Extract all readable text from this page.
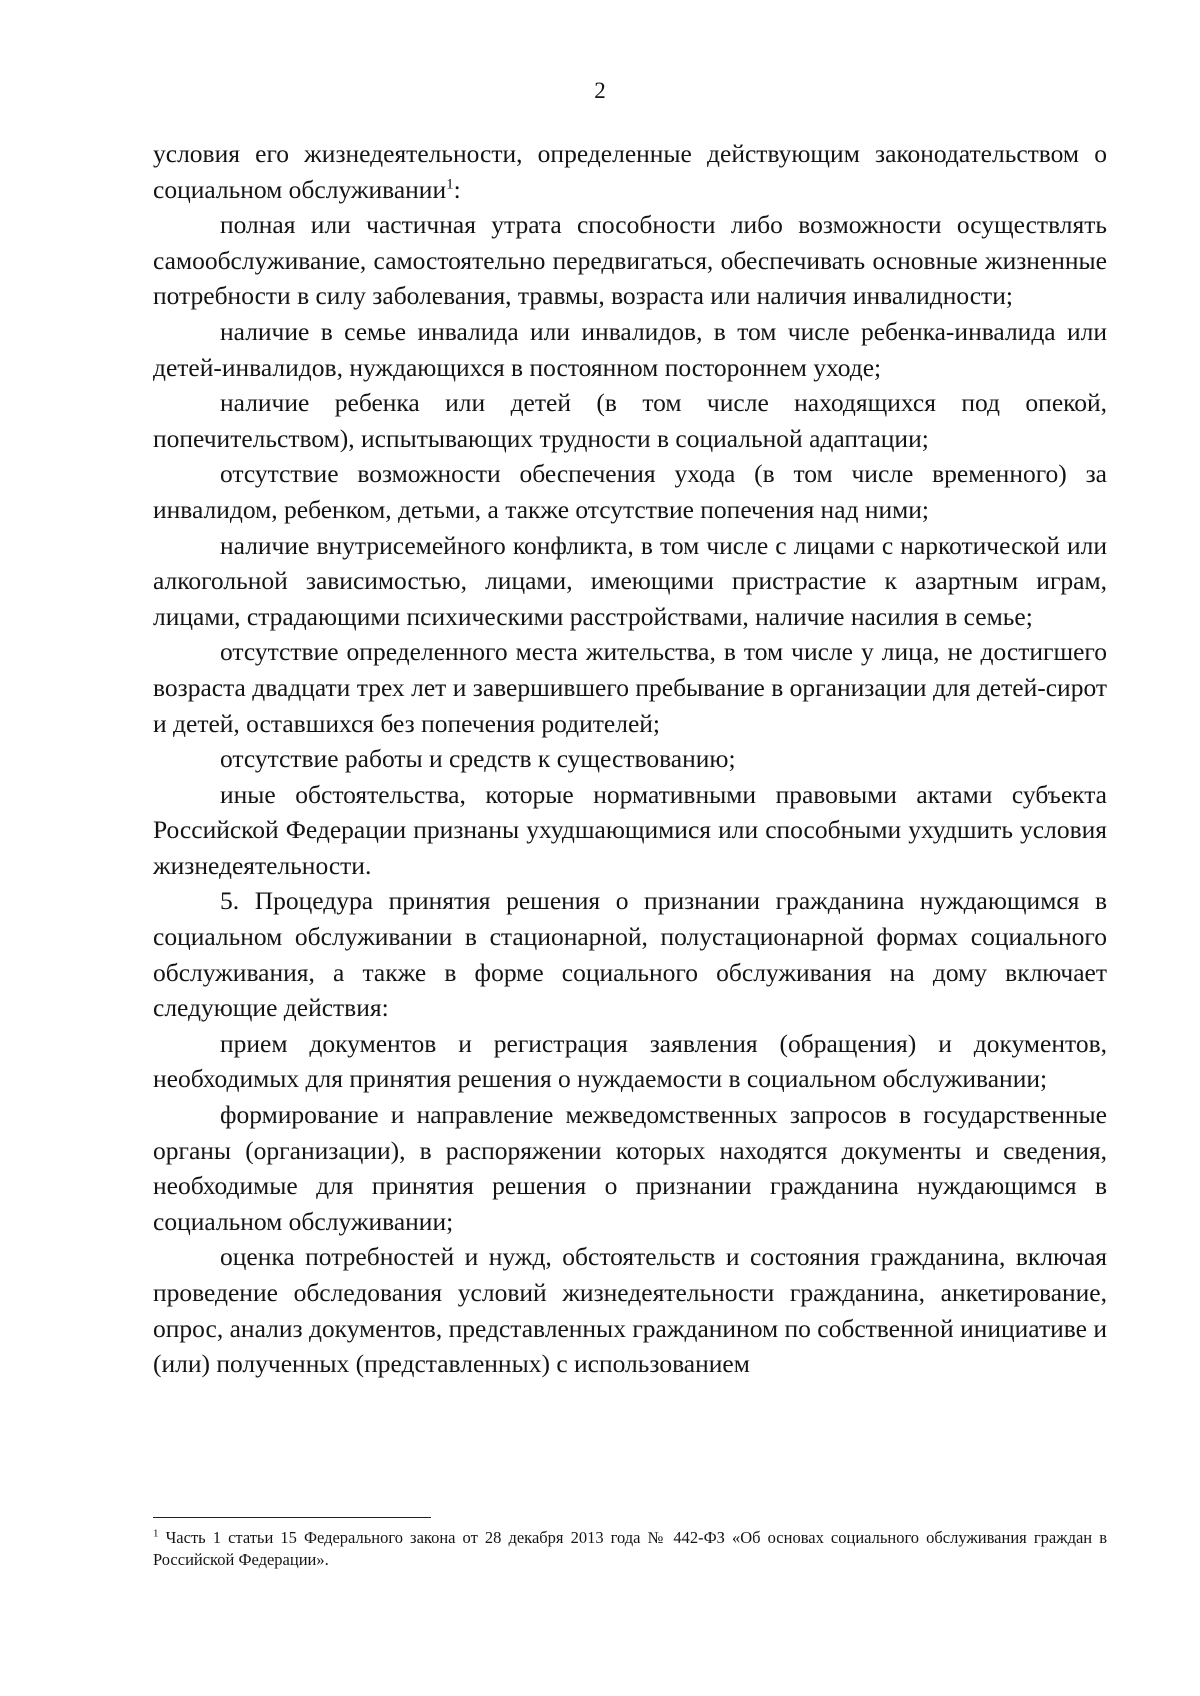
2

условия его жизнедеятельности, определенные действующим законодательством о социальном обслуживании$^1$:

полная или частичная утрата способности либо возможности осуществлять самообслуживание, самостоятельно передвигаться, обеспечивать основные жизненные потребности в силу заболевания, травмы, возраста или наличия инвалидности;

наличие в семье инвалида или инвалидов, в том числе ребенка-инвалида или детей-инвалидов, нуждающихся в постоянном постороннем уходе;

наличие ребенка или детей (в том числе находящихся под опекой, попечительством), испытывающих трудности в социальной адаптации;

отсутствие возможности обеспечения ухода (в том числе временного) за инвалидом, ребенком, детьми, а также отсутствие попечения над ними;

наличие внутрисемейного конфликта, в том числе с лицами с наркотической или алкогольной зависимостью, лицами, имеющими пристрастие к азартным играм, лицами, страдающими психическими расстройствами, наличие насилия в семье;

отсутствие определенного места жительства, в том числе у лица, не достигшего возраста двадцати трех лет и завершившего пребывание в организации для детей-сирот и детей, оставшихся без попечения родителей;

отсутствие работы и средств к существованию;

иные обстоятельства, которые нормативными правовыми актами субъекта Российской Федерации признаны ухудшающимися или способными ухудшить условия жизнедеятельности.

5. Процедура принятия решения о признании гражданина нуждающимся в социальном обслуживании в стационарной, полустационарной формах социального обслуживания, а также в форме социального обслуживания на дому включает следующие действия:

прием документов и регистрация заявления (обращения) и документов, необходимых для принятия решения о нуждаемости в социальном обслуживании;

формирование и направление межведомственных запросов в государственные органы (организации), в распоряжении которых находятся документы и сведения, необходимые для принятия решения о признании гражданина нуждающимся в социальном обслуживании;

оценка потребностей и нужд, обстоятельств и состояния гражданина, включая проведение обследования условий жизнедеятельности гражданина, анкетирование, опрос, анализ документов, представленных гражданином по собственной инициативе и (или) полученных (представленных) с использованием

$^1$ Часть 1 статьи 15 Федерального закона от 28 декабря 2013 года № 442-ФЗ «Об основах социального обслуживания граждан в Российской Федерации».
